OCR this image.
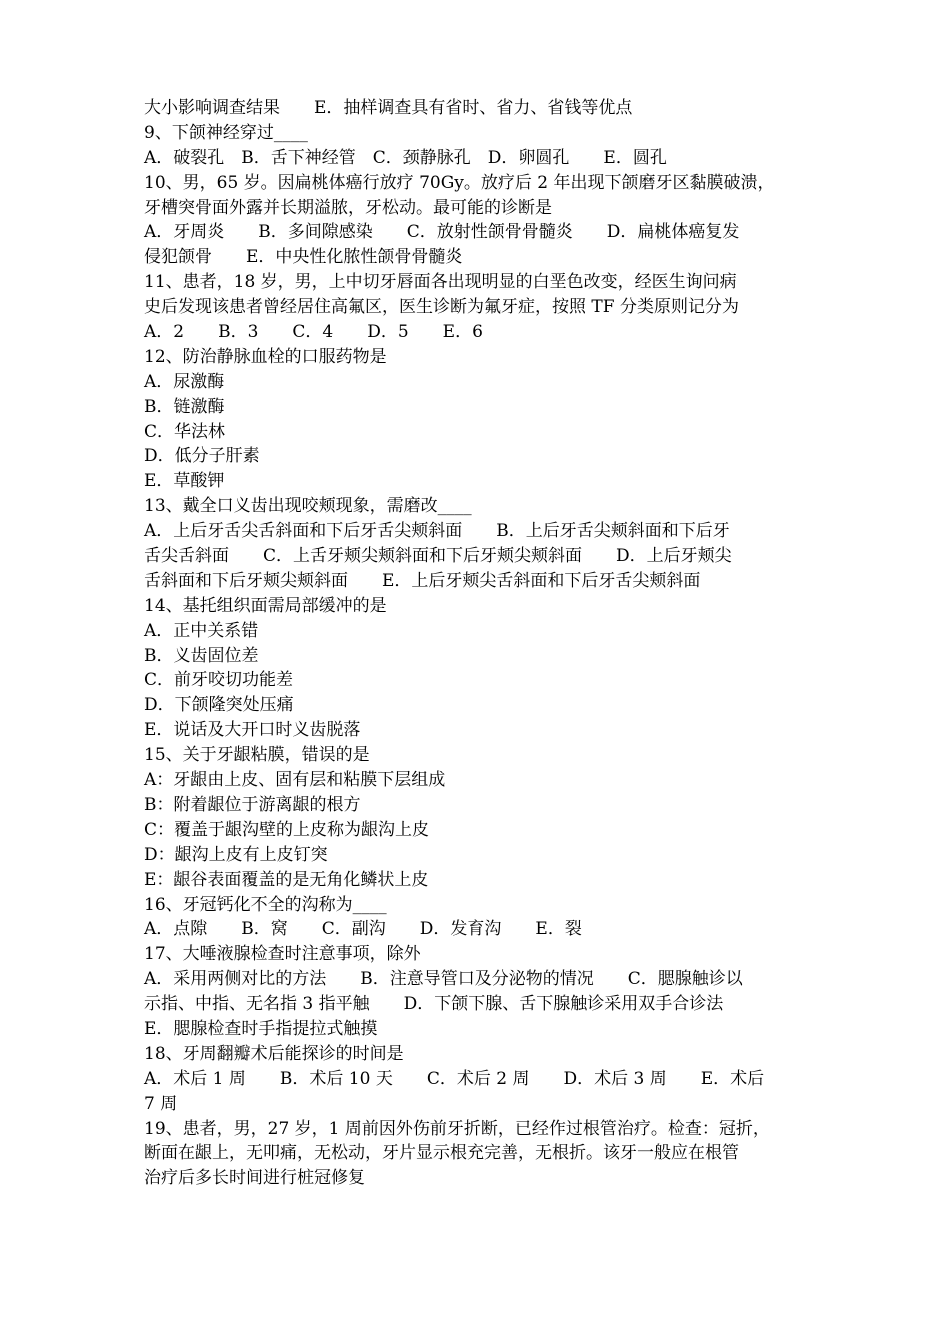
大小影响调查结果　　E．抽样调查具有省时、省力、省钱等优点
9、下颌神经穿过____
A．破裂孔　B．舌下神经管　C．颈静脉孔　D．卵圆孔　　E．圆孔
10、男，65 岁。因扁桃体癌行放疗 70Gy。放疗后 2 年出现下颌磨牙区黏膜破溃，
牙槽突骨面外露并长期溢脓，牙松动。最可能的诊断是
A．牙周炎　　B．多间隙感染　　C．放射性颌骨骨髓炎　　D．扁桃体癌复发
侵犯颌骨　　E．中央性化脓性颌骨骨髓炎
11、患者，18 岁，男，上中切牙唇面各出现明显的白垩色改变，经医生询问病
史后发现该患者曾经居住高氟区，医生诊断为氟牙症，按照 TF 分类原则记分为
A．2　　B．3　　C．4　　D．5　　E．6
12、防治静脉血栓的口服药物是
A．尿激酶
B．链激酶
C．华法林
D．低分子肝素
E．草酸钾
13、戴全口义齿出现咬颊现象，需磨改____
A．上后牙舌尖舌斜面和下后牙舌尖颊斜面　　B．上后牙舌尖颊斜面和下后牙
舌尖舌斜面　　C．上舌牙颊尖颊斜面和下后牙颊尖颊斜面　　D．上后牙颊尖
舌斜面和下后牙颊尖颊斜面　　E．上后牙颊尖舌斜面和下后牙舌尖颊斜面
14、基托组织面需局部缓冲的是
A．正中关系错
B．义齿固位差
C．前牙咬切功能差
D．下颌隆突处压痛
E．说话及大开口时义齿脱落
15、关于牙龈粘膜，错误的是
A：牙龈由上皮、固有层和粘膜下层组成
B：附着龈位于游离龈的根方
C：覆盖于龈沟壁的上皮称为龈沟上皮
D：龈沟上皮有上皮钉突
E：龈谷表面覆盖的是无角化鳞状上皮
16、牙冠钙化不全的沟称为____
A．点隙　　B．窝　　C．副沟　　D．发育沟　　E．裂
17、大唾液腺检查时注意事项，除外
A．采用两侧对比的方法　　B．注意导管口及分泌物的情况　　C．腮腺触诊以
示指、中指、无名指 3 指平触　　D．下颌下腺、舌下腺触诊采用双手合诊法
E．腮腺检查时手指提拉式触摸
18、牙周翻瓣术后能探诊的时间是
A．术后 1 周　　B．术后 10 天　　C．术后 2 周　　D．术后 3 周　　E．术后
7 周
19、患者，男，27 岁，1 周前因外伤前牙折断，已经作过根管治疗。检查：冠折，
断面在龈上，无叩痛，无松动，牙片显示根充完善，无根折。该牙一般应在根管
治疗后多长时间进行桩冠修复
